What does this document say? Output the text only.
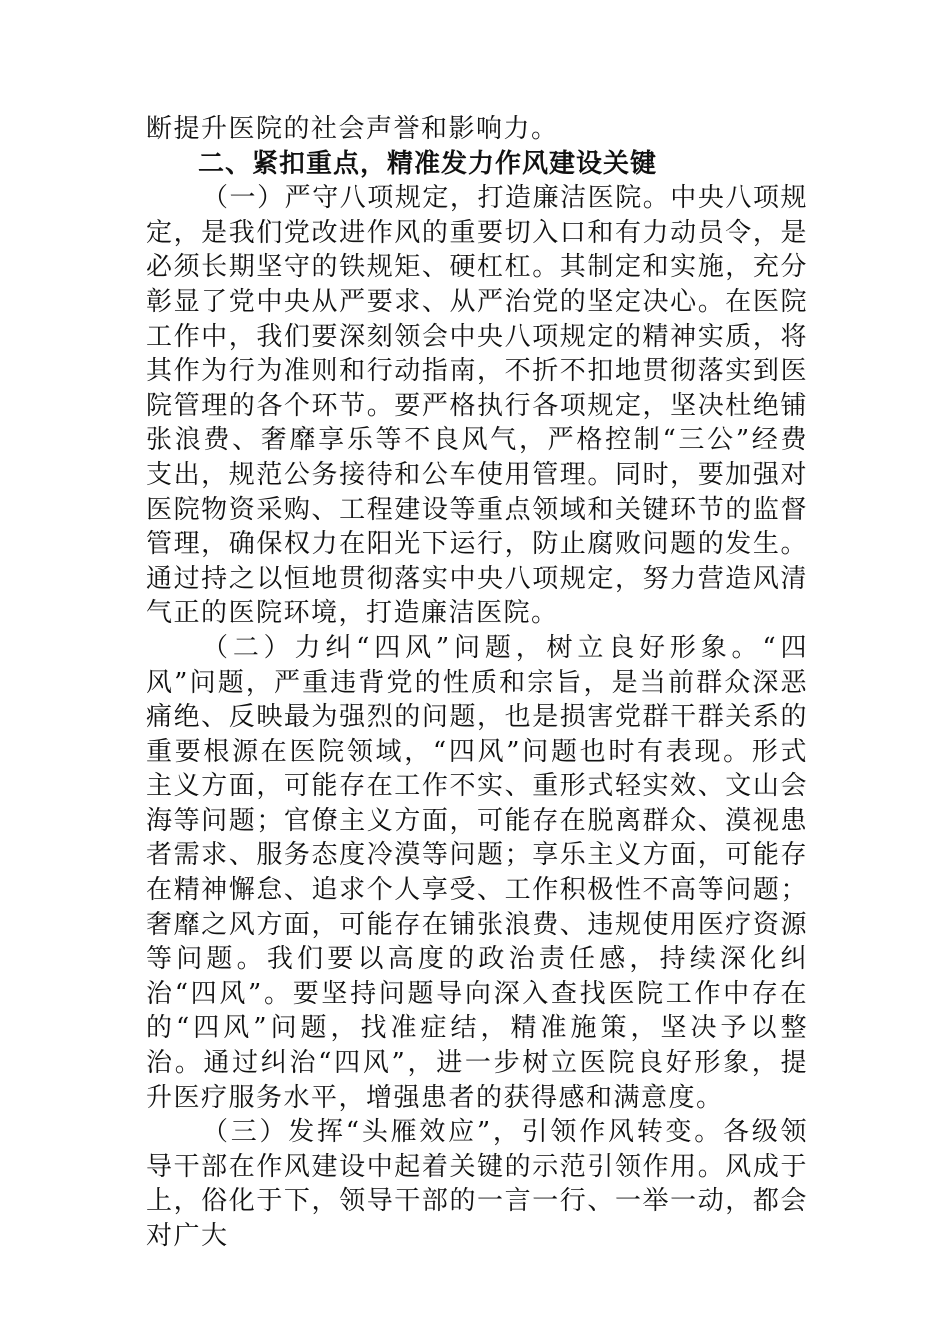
断提升医院的社会声誉和影响力。

二、紧扣重点，精准发力作风建设关键

（一）严守八项规定，打造廉洁医院。中央八项规定，是我们党改进作风的重要切入口和有力动员令，是必须长期坚守的铁规矩、硬杠杠。其制定和实施，充分彰显了党中央从严要求、从严治党的坚定决心。在医院工作中，我们要深刻领会中央八项规定的精神实质，将其作为行为准则和行动指南，不折不扣地贯彻落实到医院管理的各个环节。要严格执行各项规定，坚决杜绝铺张浪费、奢靡享乐等不良风气，严格控制“三公”经费支出，规范公务接待和公车使用管理。同时，要加强对医院物资采购、工程建设等重点领域和关键环节的监督管理，确保权力在阳光下运行，防止腐败问题的发生。通过持之以恒地贯彻落实中央八项规定，努力营造风清气正的医院环境，打造廉洁医院。

（二）力纠“四风”问题，树立良好形象。“四风”问题，严重违背党的性质和宗旨，是当前群众深恶痛绝、反映最为强烈的问题，也是损害党群干群关系的重要根源在医院领域，“四风”问题也时有表现。形式主义方面，可能存在工作不实、重形式轻实效、文山会海等问题；官僚主义方面，可能存在脱离群众、漠视患者需求、服务态度冷漠等问题；享乐主义方面，可能存在精神懈怠、追求个人享受、工作积极性不高等问题；奢靡之风方面，可能存在铺张浪费、违规使用医疗资源等问题。我们要以高度的政治责任感，持续深化纠治“四风”。要坚持问题导向深入查找医院工作中存在的“四风”问题，找准症结，精准施策，坚决予以整治。通过纠治“四风”，进一步树立医院良好形象，提升医疗服务水平，增强患者的获得感和满意度。

（三）发挥“头雁效应”，引领作风转变。各级领导干部在作风建设中起着关键的示范引领作用。风成于上，俗化于下，领导干部的一言一行、一举一动，都会对广大
